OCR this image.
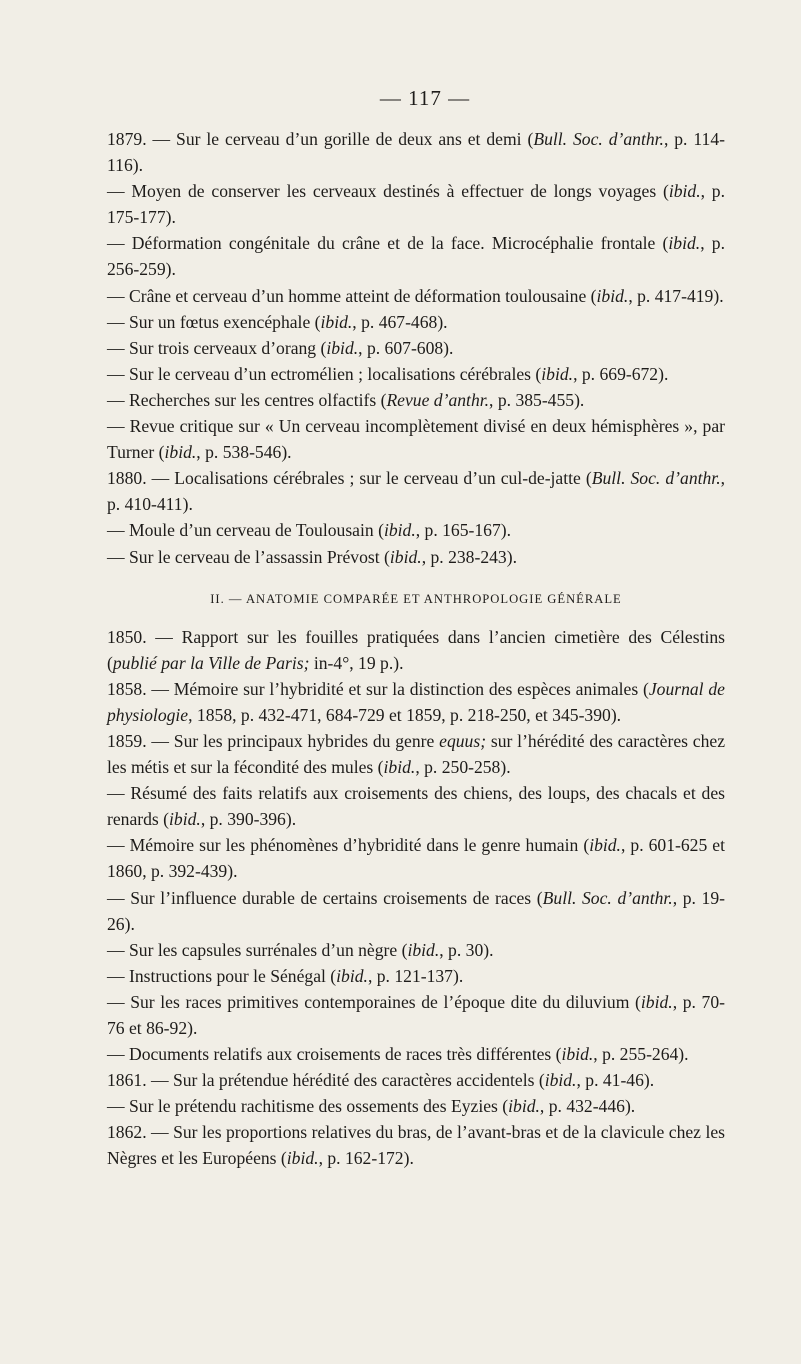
— 117 —

1879. — Sur le cerveau d’un gorille de deux ans et demi (Bull. Soc. d’anthr., p. 114-116).

— Moyen de conserver les cerveaux destinés à effectuer de longs voyages (ibid., p. 175-177).

— Déformation congénitale du crâne et de la face. Microcéphalie frontale (ibid., p. 256-259).

— Crâne et cerveau d’un homme atteint de déformation toulousaine (ibid., p. 417-419).

— Sur un fœtus exencéphale (ibid., p. 467-468).

— Sur trois cerveaux d’orang (ibid., p. 607-608).

— Sur le cerveau d’un ectromélien ; localisations cérébrales (ibid., p. 669-672).

— Recherches sur les centres olfactifs (Revue d’anthr., p. 385-455).

— Revue critique sur « Un cerveau incomplètement divisé en deux hémisphères », par Turner (ibid., p. 538-546).

1880. — Localisations cérébrales ; sur le cerveau d’un cul-de-jatte (Bull. Soc. d’anthr., p. 410-411).

— Moule d’un cerveau de Toulousain (ibid., p. 165-167).

— Sur le cerveau de l’assassin Prévost (ibid., p. 238-243).

II. — ANATOMIE COMPARÉE ET ANTHROPOLOGIE GÉNÉRALE

1850. — Rapport sur les fouilles pratiquées dans l’ancien cimetière des Célestins (publié par la Ville de Paris; in-4°, 19 p.).

1858. — Mémoire sur l’hybridité et sur la distinction des espèces animales (Journal de physiologie, 1858, p. 432-471, 684-729 et 1859, p. 218-250, et 345-390).

1859. — Sur les principaux hybrides du genre equus; sur l’hérédité des caractères chez les métis et sur la fécondité des mules (ibid., p. 250-258).

— Résumé des faits relatifs aux croisements des chiens, des loups, des chacals et des renards (ibid., p. 390-396).

— Mémoire sur les phénomènes d’hybridité dans le genre humain (ibid., p. 601-625 et 1860, p. 392-439).

— Sur l’influence durable de certains croisements de races (Bull. Soc. d’anthr., p. 19-26).

— Sur les capsules surrénales d’un nègre (ibid., p. 30).

— Instructions pour le Sénégal (ibid., p. 121-137).

— Sur les races primitives contemporaines de l’époque dite du diluvium (ibid., p. 70-76 et 86-92).

— Documents relatifs aux croisements de races très différentes (ibid., p. 255-264).

1861. — Sur la prétendue hérédité des caractères accidentels (ibid., p. 41-46).

— Sur le prétendu rachitisme des ossements des Eyzies (ibid., p. 432-446).

1862. — Sur les proportions relatives du bras, de l’avant-bras et de la clavicule chez les Nègres et les Européens (ibid., p. 162-172).
